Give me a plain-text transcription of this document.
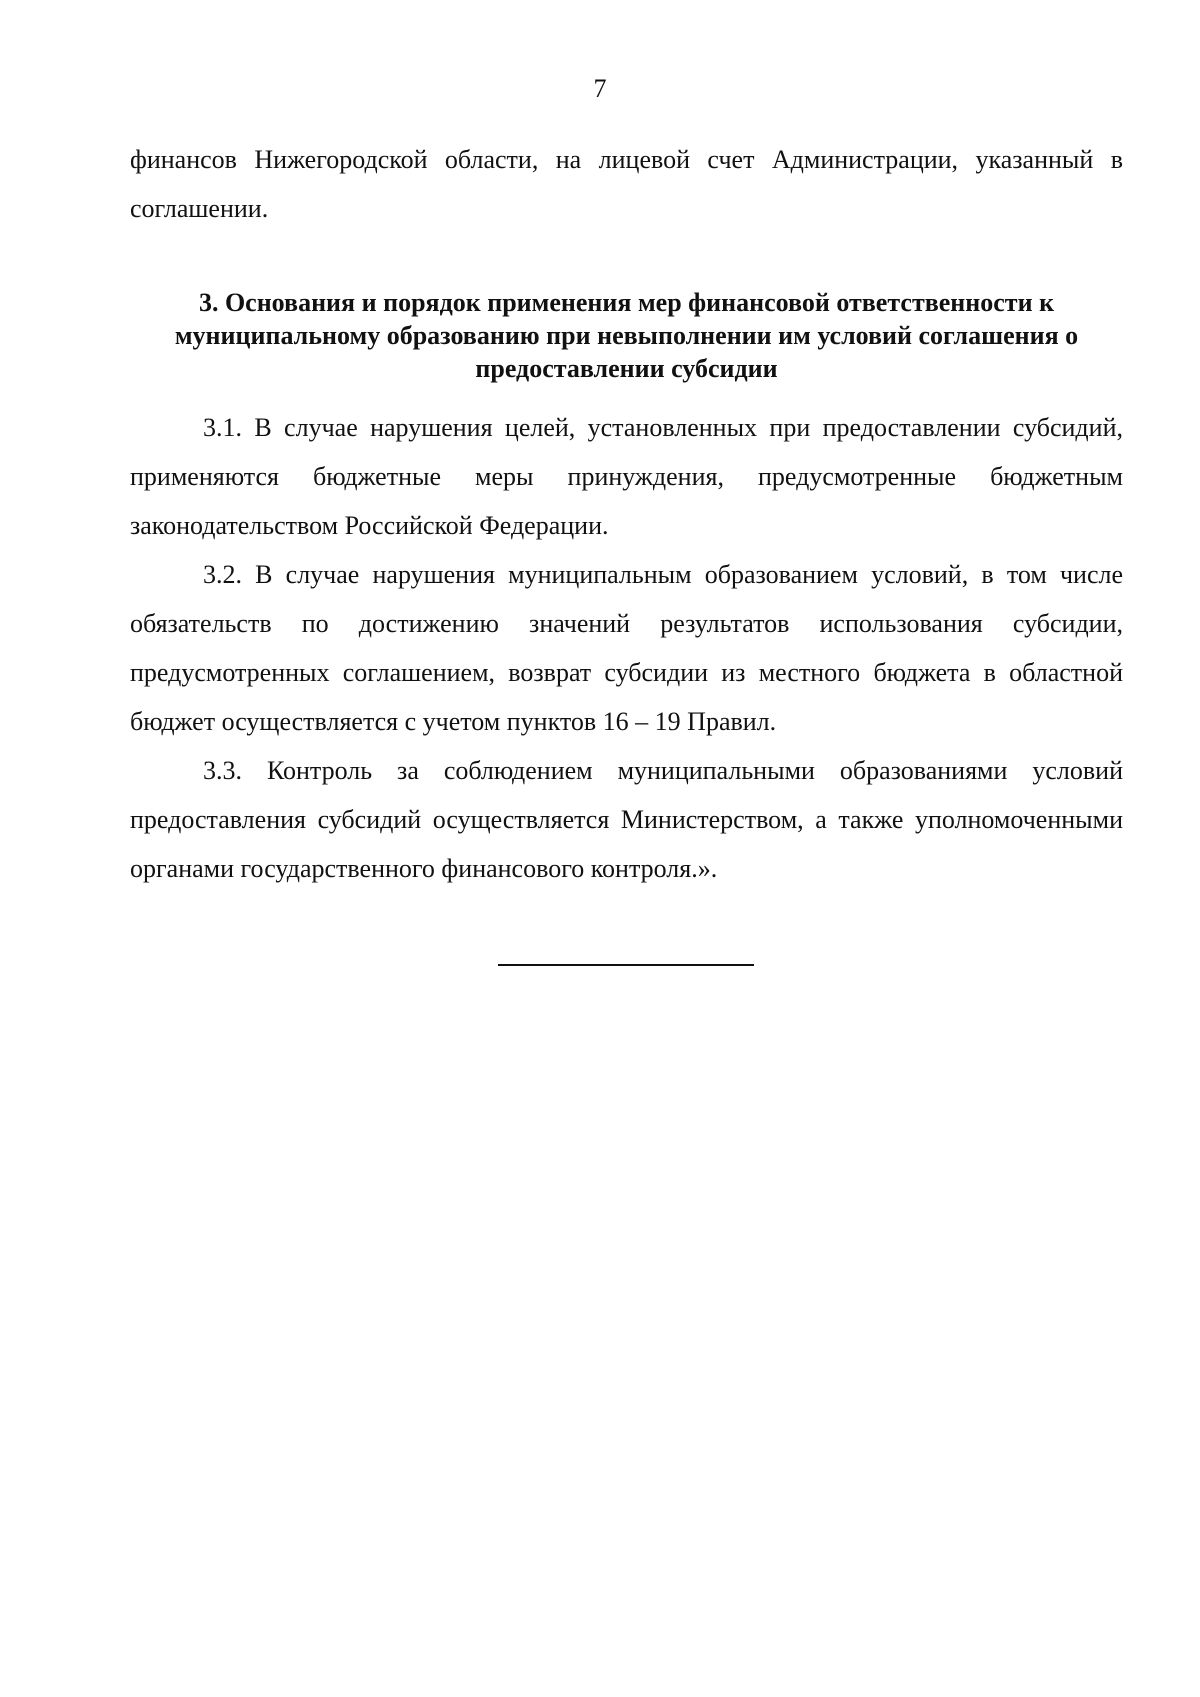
7

финансов Нижегородской области, на лицевой счет Администрации, указанный в соглашении.

3. Основания и порядок применения мер финансовой ответственности к муниципальному образованию при невыполнении им условий соглашения о предоставлении субсидии

3.1. В случае нарушения целей, установленных при предоставлении субсидий, применяются бюджетные меры принуждения, предусмотренные бюджетным законодательством Российской Федерации.

3.2. В случае нарушения муниципальным образованием условий, в том числе обязательств по достижению значений результатов использования субсидии, предусмотренных соглашением, возврат субсидии из местного бюджета в областной бюджет осуществляется с учетом пунктов 16 – 19 Правил.

3.3. Контроль за соблюдением муниципальными образованиями условий предоставления субсидий осуществляется Министерством, а также уполномоченными органами государственного финансового контроля.».
